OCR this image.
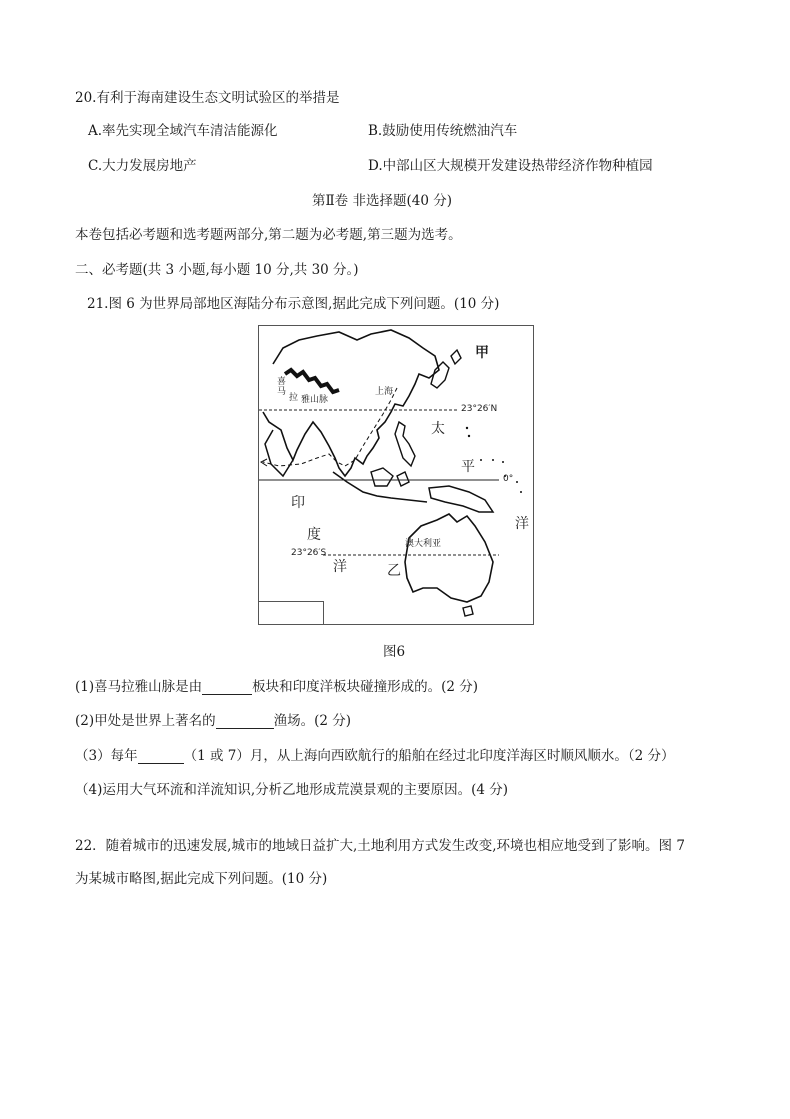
20.有利于海南建设生态文明试验区的举措是
A.率先实现全域汽车清洁能源化	B.鼓励使用传统燃油汽车
C.大力发展房地产	D.中部山区大规模开发建设热带经济作物种植园
第Ⅱ卷 非选择题(40 分)
本卷包括必考题和选考题两部分,第二题为必考题,第三题为选考。
二、必考题(共 3 小题,每小题 10 分,共 30 分。)
21.图 6 为世界局部地区海陆分布示意图,据此完成下列问题。(10 分)
甲
喜
马
拉 雅山脉
上海
23°26′N
太
平
0°
印
度
澳大利亚
23°26′S
洋	乙
洋
图6
(1)喜马拉雅山脉是由	板块和印度洋板块碰撞形成的。(2 分)
(2)甲处是世界上著名的	渔场。(2 分)
（3）每年	（1 或 7）月，从上海向西欧航行的船舶在经过北印度洋海区时顺风顺水。（2 分）
（4)运用大气环流和洋流知识,分析乙地形成荒漠景观的主要原因。(4 分)
22．随着城市的迅速发展,城市的地域日益扩大,土地利用方式发生改变,环境也相应地受到了影响。图 7
为某城市略图,据此完成下列问题。(10 分)
